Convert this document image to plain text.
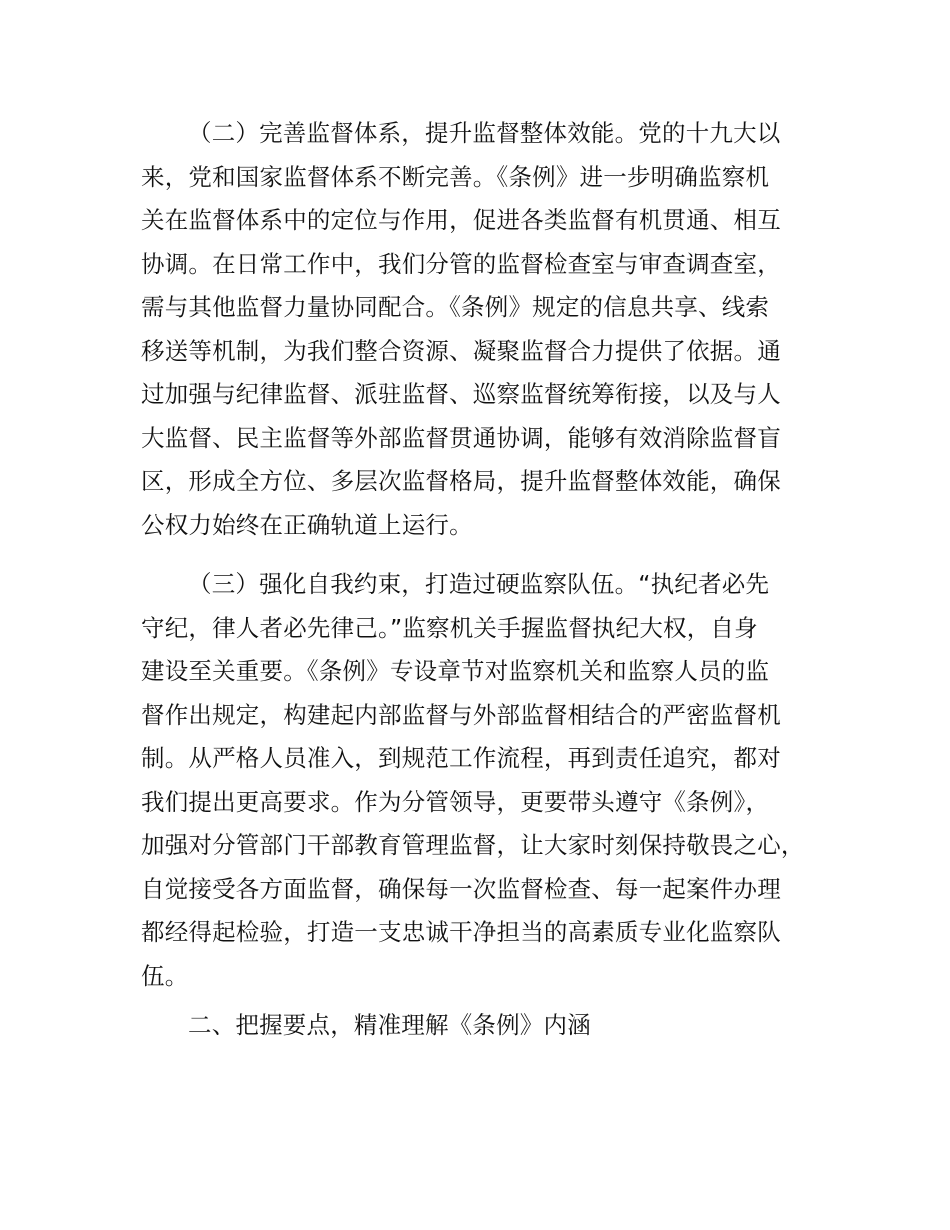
（二）完善监督体系，提升监督整体效能。党的十九大以
来，党和国家监督体系不断完善。《条例》进一步明确监察机
关在监督体系中的定位与作用，促进各类监督有机贯通、相互
协调。在日常工作中，我们分管的监督检查室与审查调查室，
需与其他监督力量协同配合。《条例》规定的信息共享、线索
移送等机制，为我们整合资源、凝聚监督合力提供了依据。通
过加强与纪律监督、派驻监督、巡察监督统筹衔接，以及与人
大监督、民主监督等外部监督贯通协调，能够有效消除监督盲
区，形成全方位、多层次监督格局，提升监督整体效能，确保
公权力始终在正确轨道上运行。
（三）强化自我约束，打造过硬监察队伍。“执纪者必先
守纪，律人者必先律己。”监察机关手握监督执纪大权，自身
建设至关重要。《条例》专设章节对监察机关和监察人员的监
督作出规定，构建起内部监督与外部监督相结合的严密监督机
制。从严格人员准入，到规范工作流程，再到责任追究，都对
我们提出更高要求。作为分管领导，更要带头遵守《条例》，
加强对分管部门干部教育管理监督，让大家时刻保持敬畏之心，
自觉接受各方面监督，确保每一次监督检查、每一起案件办理
都经得起检验，打造一支忠诚干净担当的高素质专业化监察队
伍。
二、把握要点，精准理解《条例》内涵
